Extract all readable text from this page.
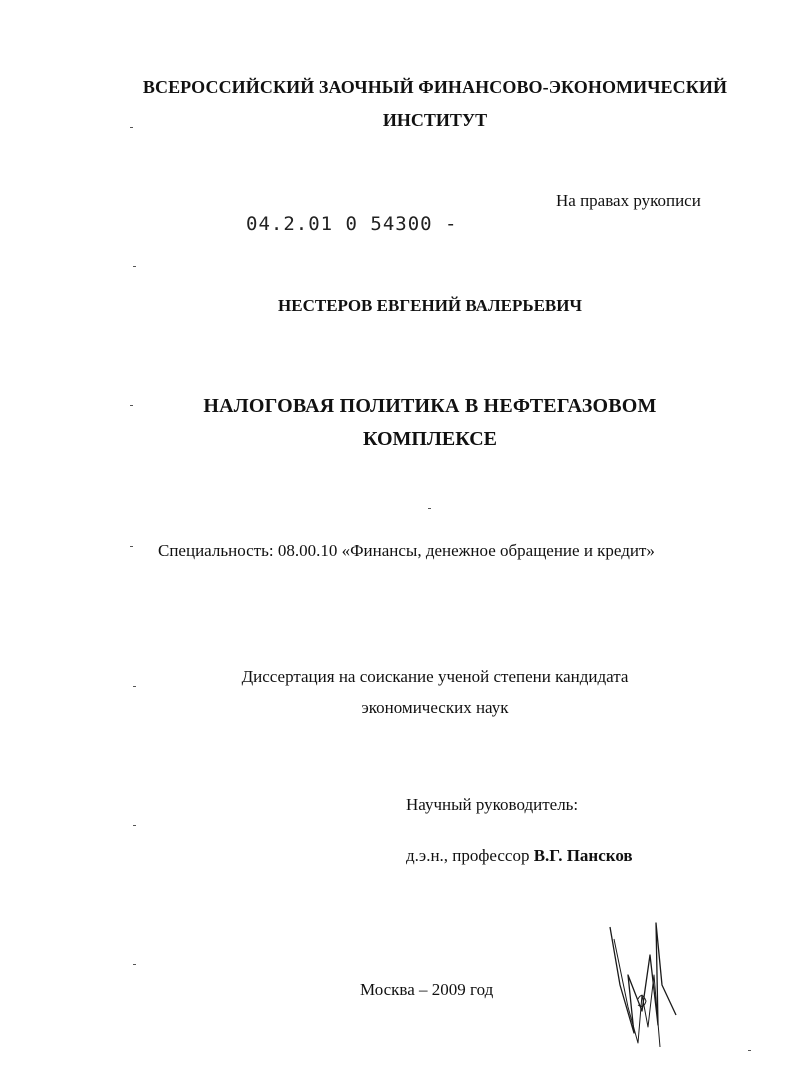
ВСЕРОССИЙСКИЙ ЗАОЧНЫЙ ФИНАНСОВО-ЭКОНОМИЧЕСКИЙ
ИНСТИТУТ
На правах рукописи
04.2.01 0 54300 -
НЕСТЕРОВ ЕВГЕНИЙ ВАЛЕРЬЕВИЧ
НАЛОГОВАЯ ПОЛИТИКА В НЕФТЕГАЗОВОМ
КОМПЛЕКСЕ
Специальность: 08.00.10 «Финансы, денежное обращение и кредит»
Диссертация на соискание ученой степени кандидата
экономических наук
Научный руководитель:
д.э.н., профессор В.Г. Пансков
Москва – 2009 год
